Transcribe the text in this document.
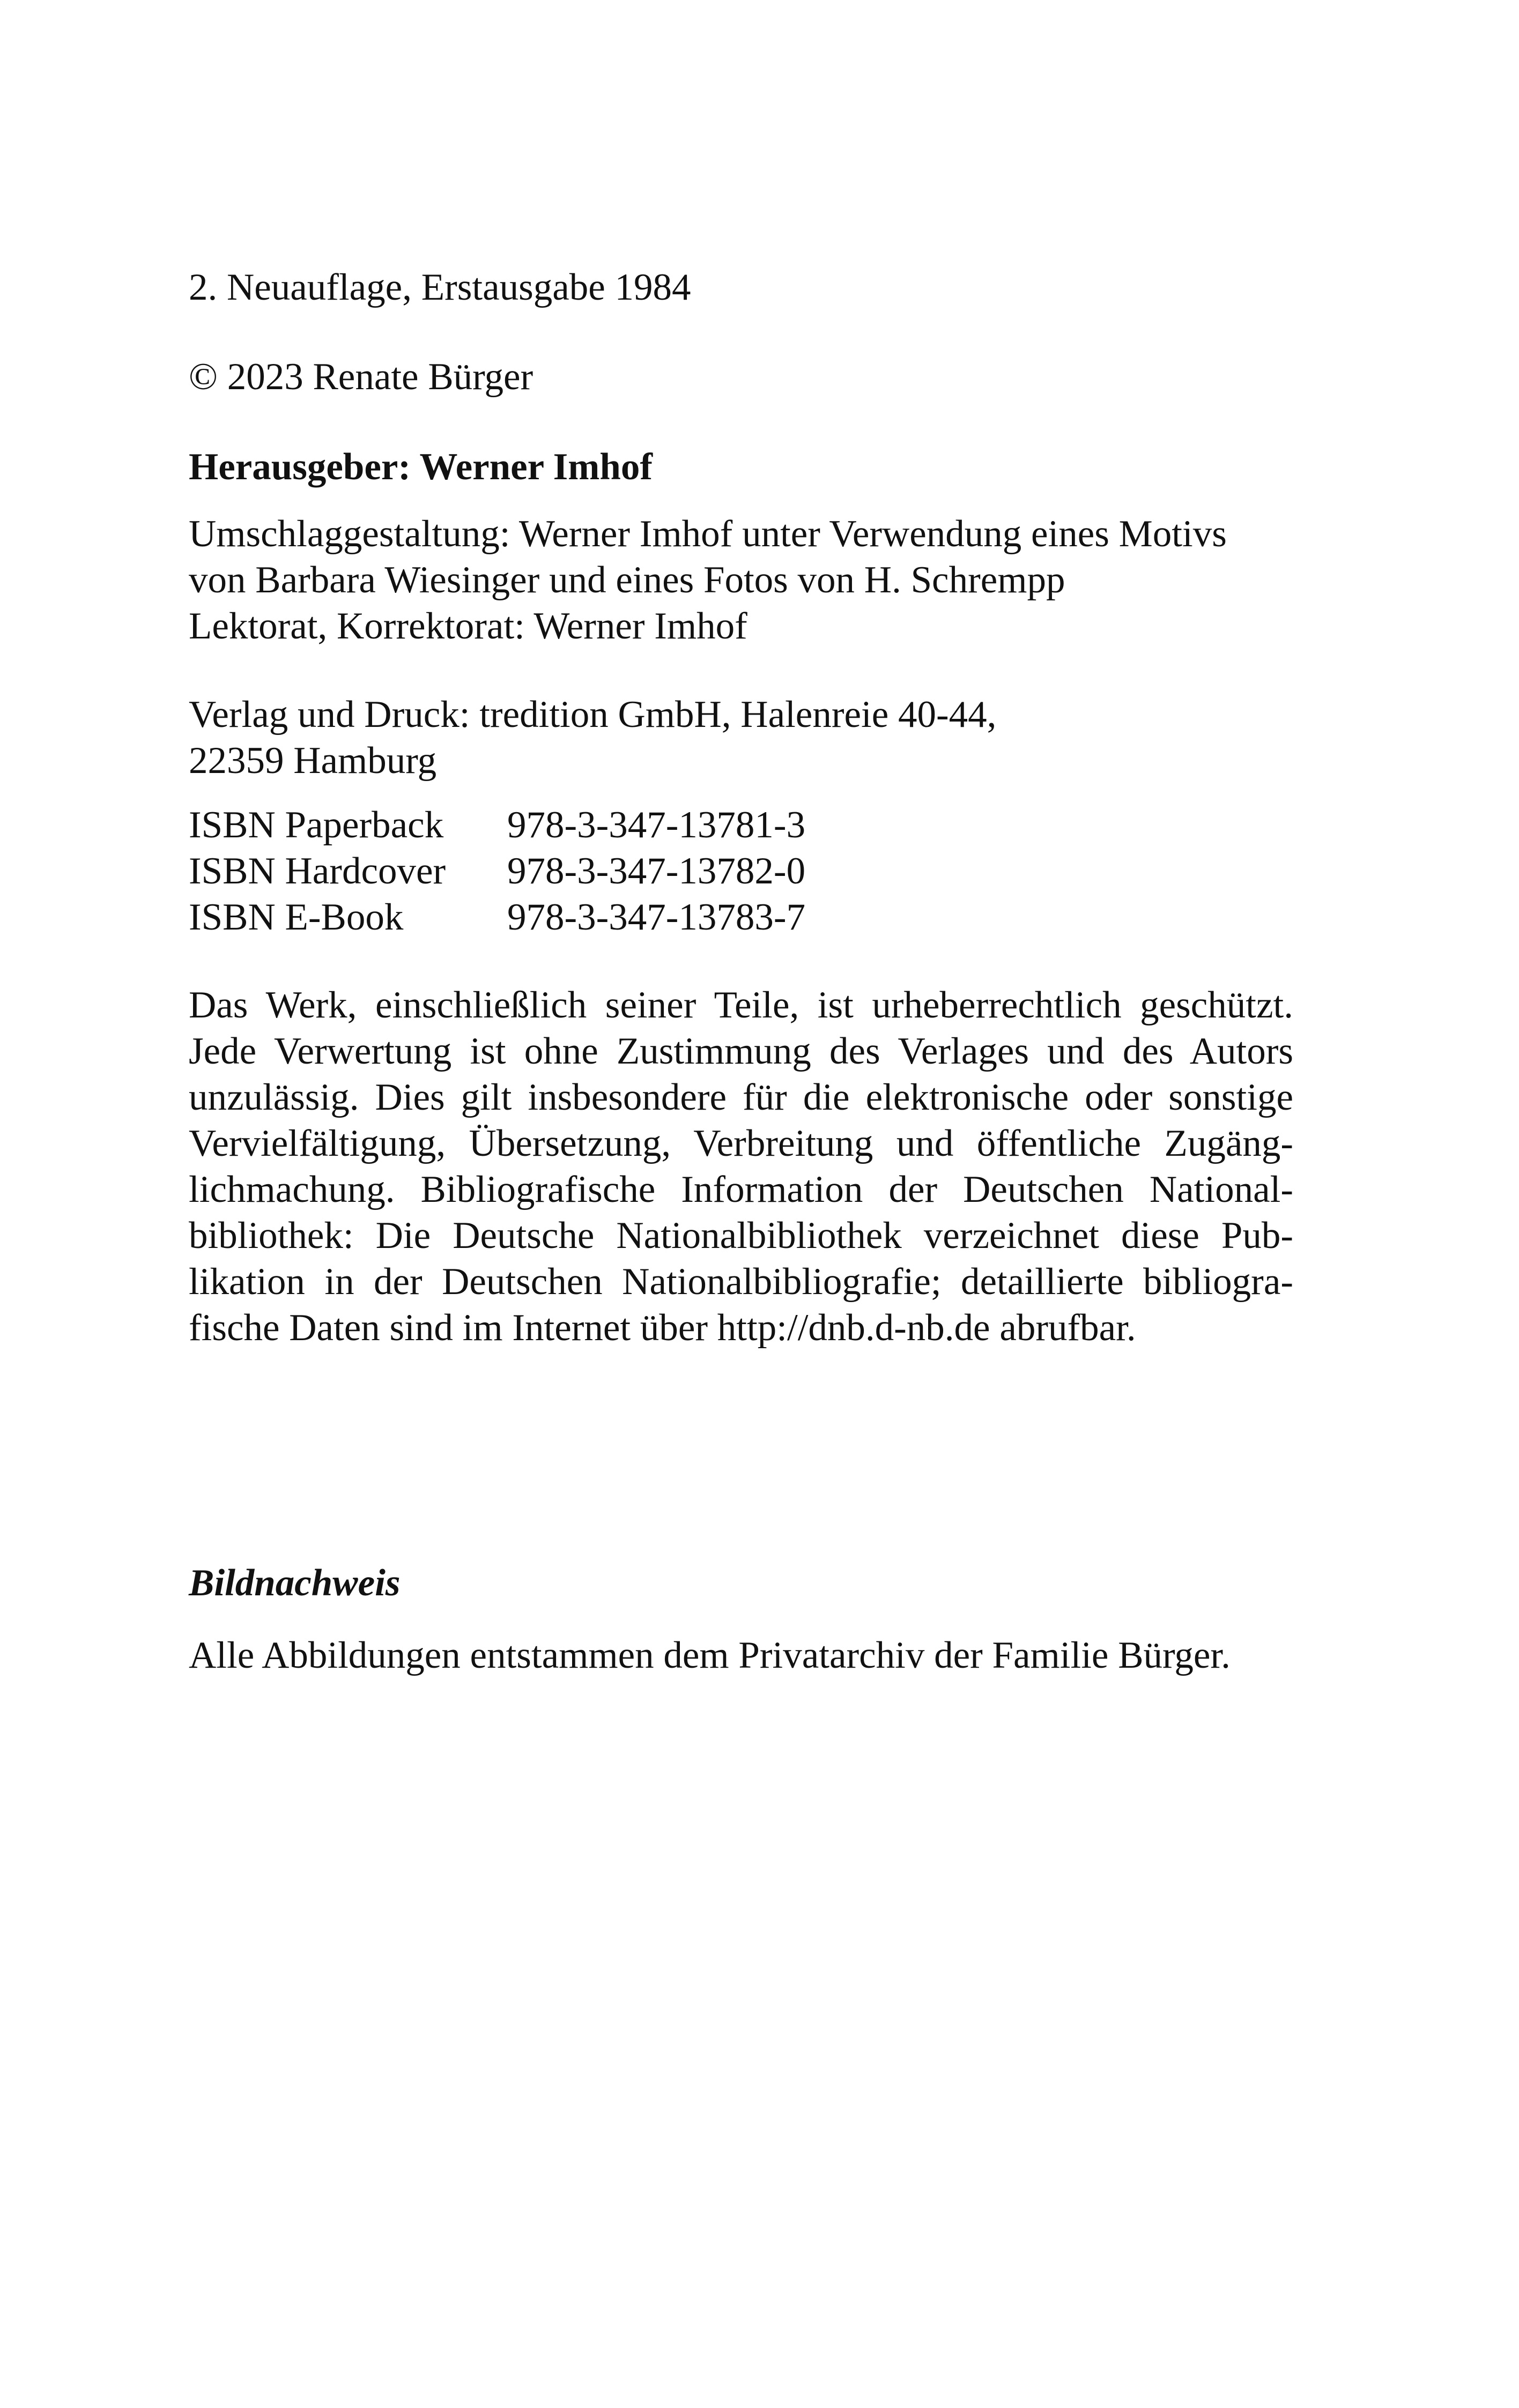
2. Neuauflage, Erstausgabe 1984

© 2023 Renate Bürger

Herausgeber: Werner Imhof

Umschlaggestaltung: Werner Imhof unter Verwendung eines Motivs
von Barbara Wiesinger und eines Fotos von H. Schrempp
Lektorat, Korrektorat: Werner Imhof
Verlag und Druck: tredition GmbH, Halenreie 40-44,
22359 Hamburg
ISBN Paperback	978-3-347-13781-3
ISBN Hardcover	978-3-347-13782-0
ISBN E-Book	978-3-347-13783-7
Das Werk, einschließlich seiner Teile, ist urheberrechtlich geschützt.
Jede Verwertung ist ohne Zustimmung des Verlages und des Autors
unzulässig. Dies gilt insbesondere für die elektronische oder sonstige
Vervielfältigung, Übersetzung, Verbreitung und öffentliche Zugäng-
lichmachung. Bibliografische Information der Deutschen National-
bibliothek: Die Deutsche Nationalbibliothek verzeichnet diese Pub-
likation in der Deutschen Nationalbibliografie; detaillierte bibliogra-
fische Daten sind im Internet über http://dnb.d-nb.de abrufbar.

Bildnachweis

Alle Abbildungen entstammen dem Privatarchiv der Familie Bürger.
